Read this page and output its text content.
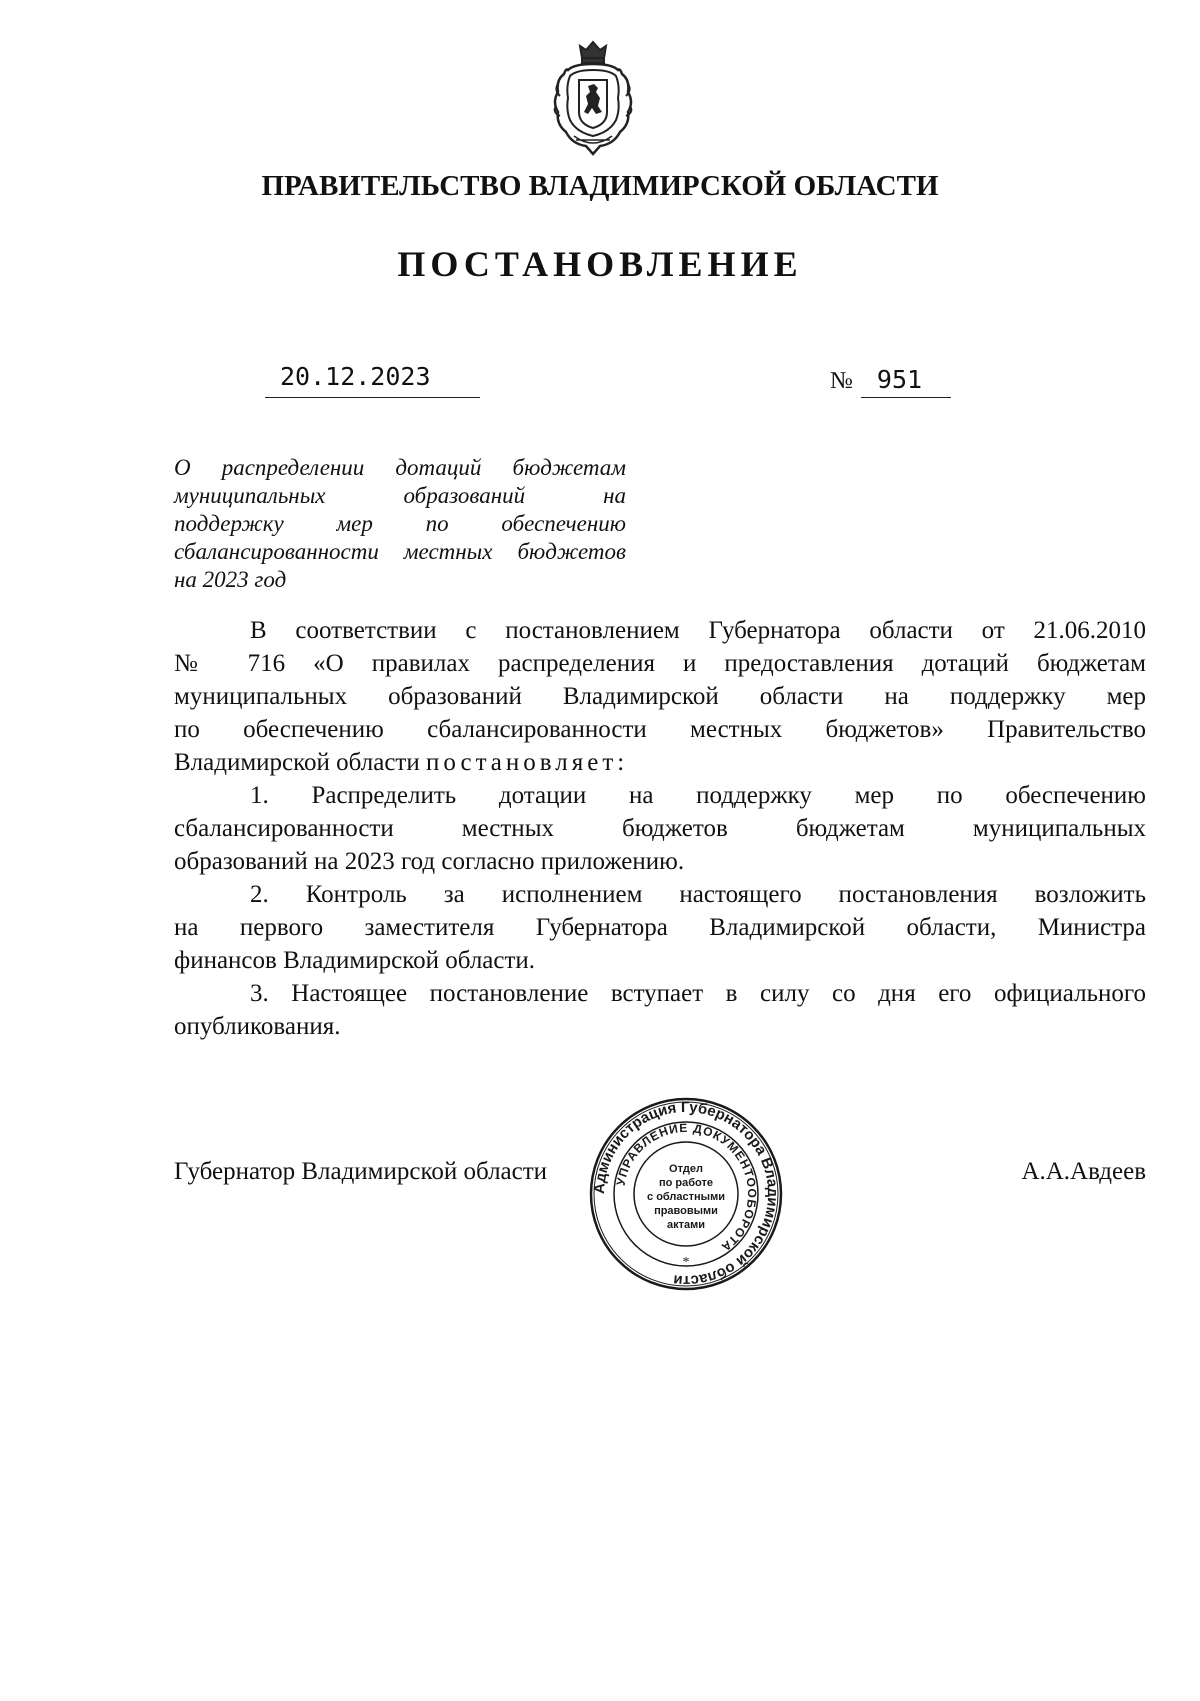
ПРАВИТЕЛЬСТВО ВЛАДИМИРСКОЙ ОБЛАСТИ
ПОСТАНОВЛЕНИЕ
20.12.2023	№ 951
О распределении дотаций бюджетам
муниципальных образований на
поддержку мер по обеспечению
сбалансированности местных бюджетов
на 2023 год
В соответствии с постановлением Губернатора области от 21.06.2010
№ 716 «О правилах распределения и предоставления дотаций бюджетам
муниципальных образований Владимирской области на поддержку мер
по обеспечению сбалансированности местных бюджетов» Правительство
Владимирской области постановляет:
1. Распределить дотации на поддержку мер по обеспечению
сбалансированности местных бюджетов бюджетам муниципальных
образований на 2023 год согласно приложению.
2. Контроль за исполнением настоящего постановления возложить
на первого заместителя Губернатора Владимирской области, Министра
финансов Владимирской области.
3. Настоящее постановление вступает в силу со дня его официального
опубликования.
Губернатор Владимирской области	А.А.Авдеев
Администрация Губернатора Владимирской области
УПРАВЛЕНИЕ ДОКУМЕНТООБОРОТА
Отдел
по работе
с областными
правовыми
актами
*
